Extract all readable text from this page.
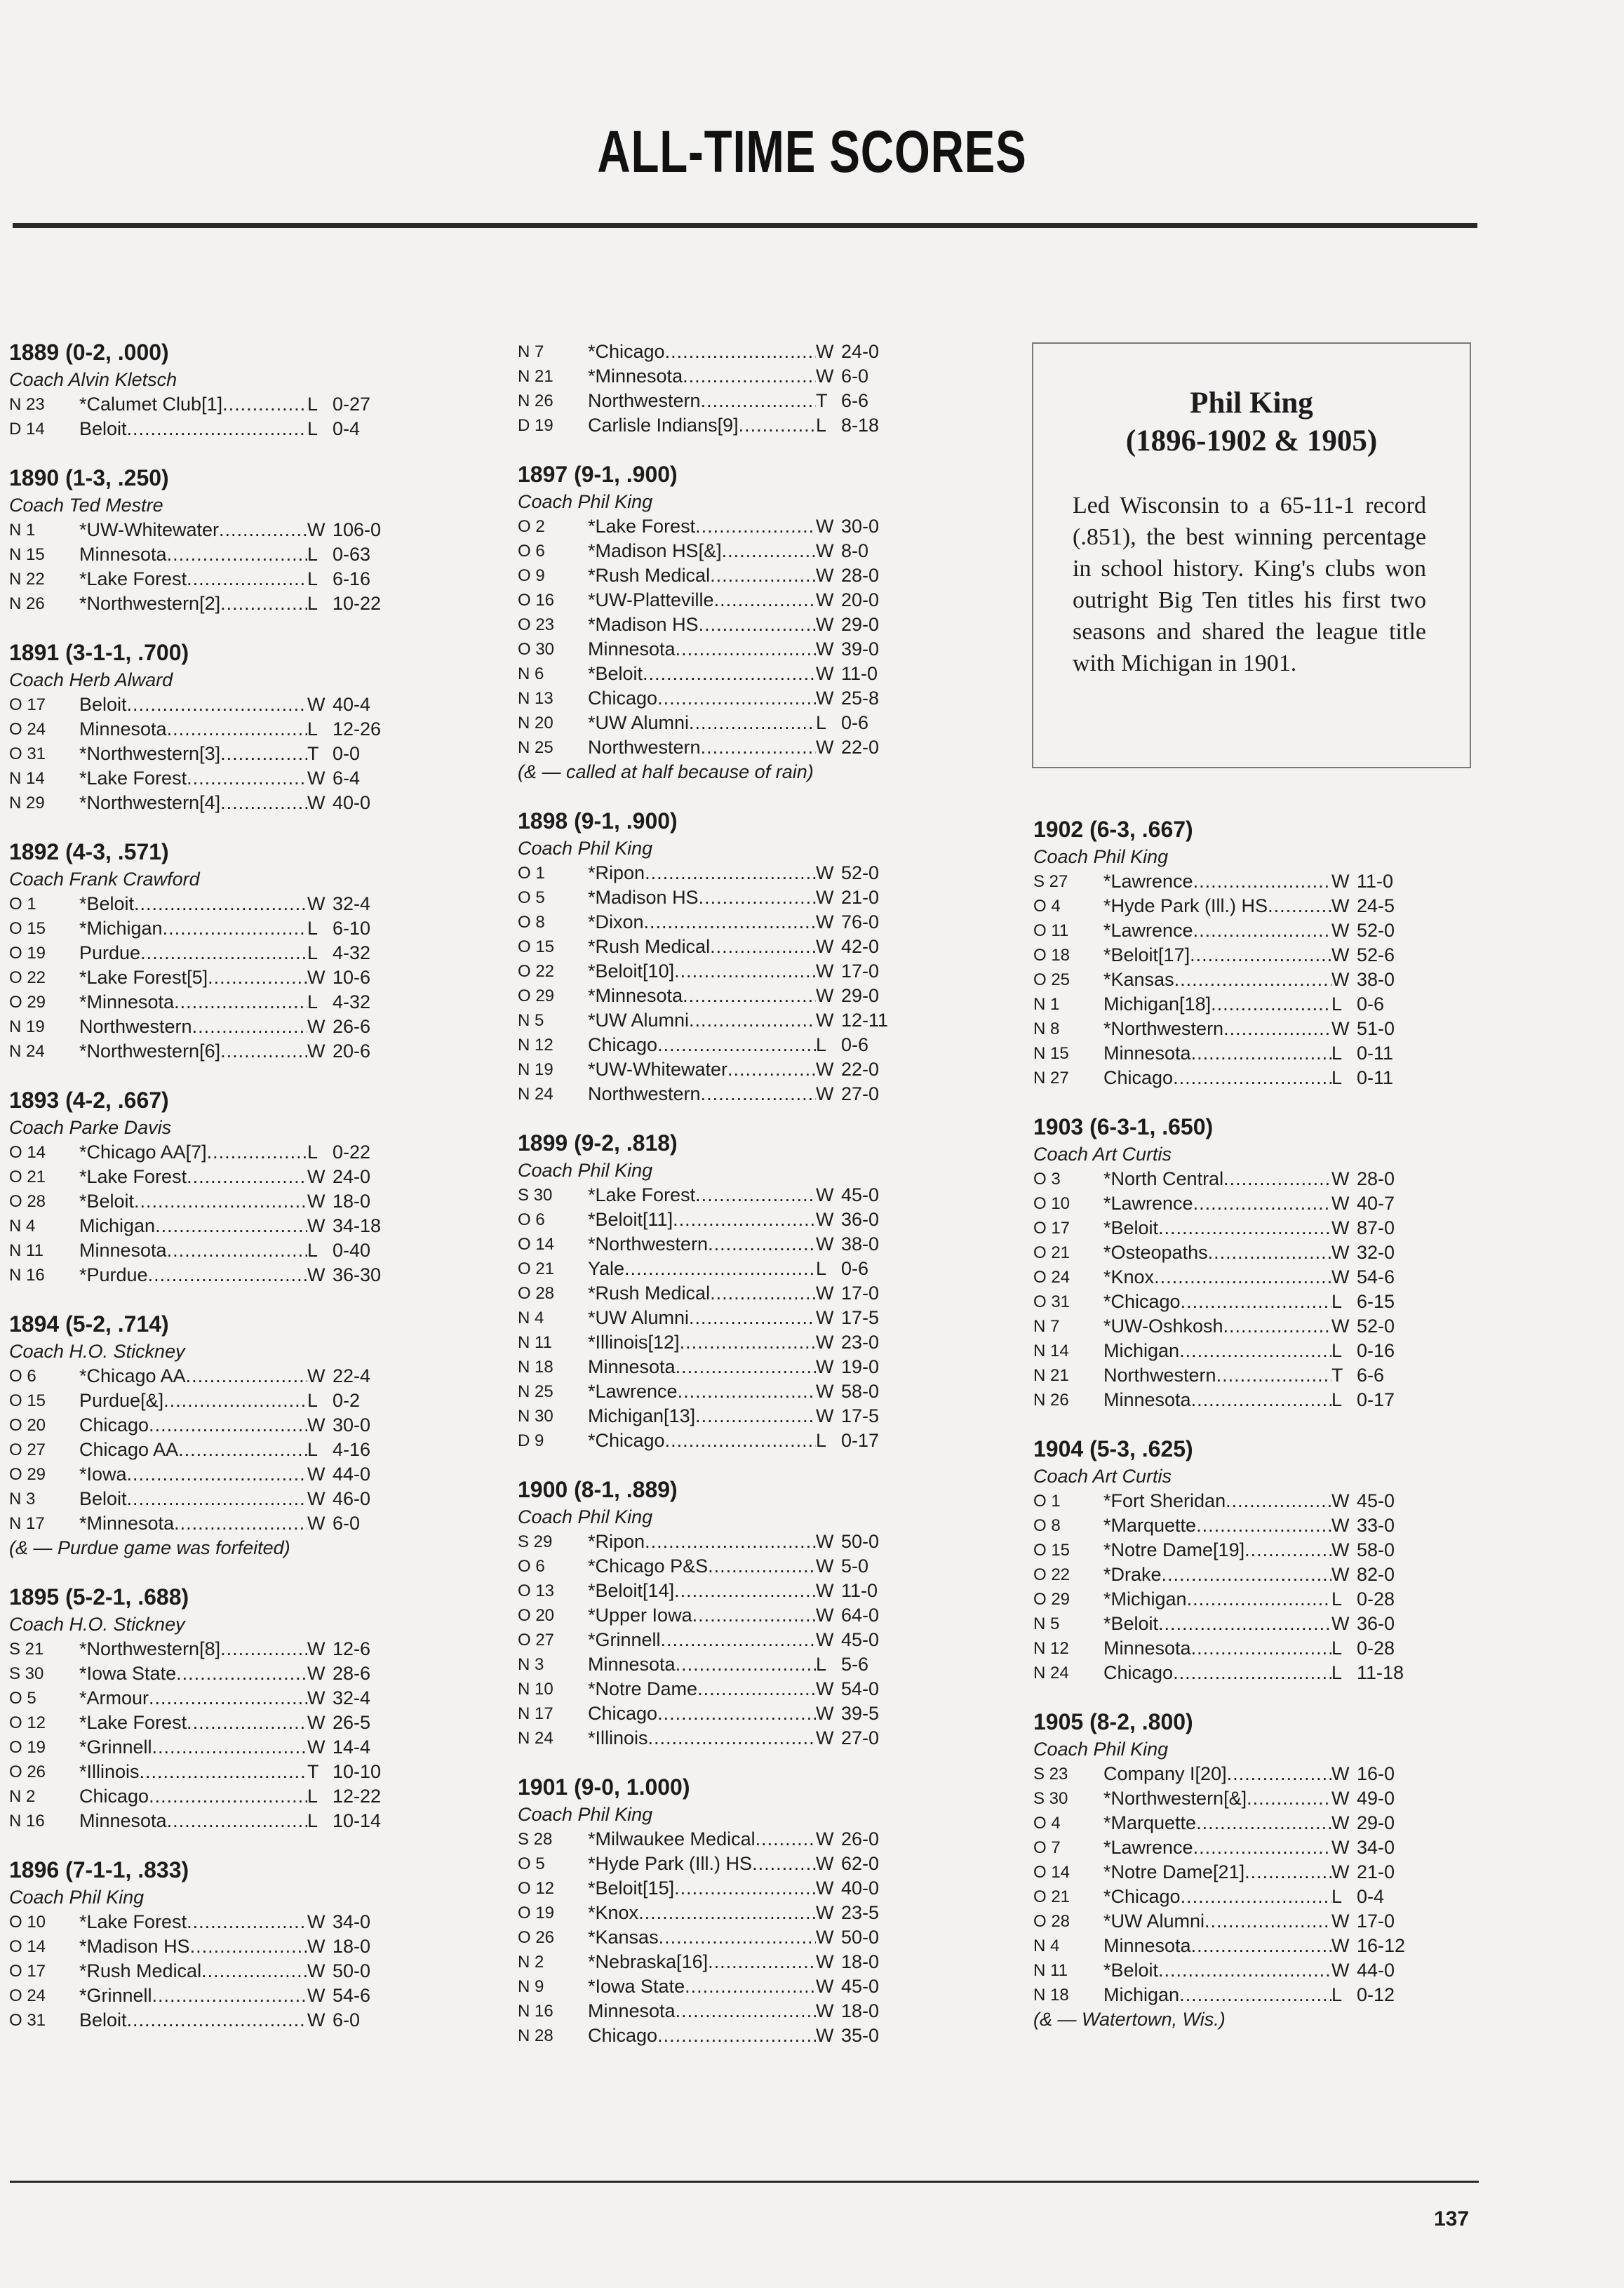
ALL-TIME SCORES
1889 (0-2, .000)
Coach Alvin Kletsch
N 23	*Calumet Club[1] .....	L 0-27
D 14	Beloit .....	L 0-4
1890 (1-3, .250)
Coach Ted Mestre
N 1	*UW-Whitewater .....	W 106-0
N 15	Minnesota .....	L 0-63
N 22	*Lake Forest .....	L 6-16
N 26	*Northwestern[2] .....	L 10-22
1891 (3-1-1, .700)
Coach Herb Alward
O 17	Beloit .....	W 40-4
O 24	Minnesota .....	L 12-26
O 31	*Northwestern[3] .....	T 0-0
N 14	*Lake Forest .....	W 6-4
N 29	*Northwestern[4] .....	W 40-0
1892 (4-3, .571)
Coach Frank Crawford
O 1	*Beloit .....	W 32-4
O 15	*Michigan .....	L 6-10
O 19	Purdue .....	L 4-32
O 22	*Lake Forest[5] .....	W 10-6
O 29	*Minnesota .....	L 4-32
N 19	Northwestern .....	W 26-6
N 24	*Northwestern[6] .....	W 20-6
1893 (4-2, .667)
Coach Parke Davis
O 14	*Chicago AA[7] .....	L 0-22
O 21	*Lake Forest .....	W 24-0
O 28	*Beloit .....	W 18-0
N 4	Michigan .....	W 34-18
N 11	Minnesota .....	L 0-40
N 16	*Purdue .....	W 36-30
1894 (5-2, .714)
Coach H.O. Stickney
O 6	*Chicago AA .....	W 22-4
O 15	Purdue[&] .....	L 0-2
O 20	Chicago .....	W 30-0
O 27	Chicago AA .....	L 4-16
O 29	*Iowa .....	W 44-0
N 3	Beloit .....	W 46-0
N 17	*Minnesota .....	W 6-0
(& — Purdue game was forfeited)
1895 (5-2-1, .688)
Coach H.O. Stickney
S 21	*Northwestern[8] .....	W 12-6
S 30	*Iowa State .....	W 28-6
O 5	*Armour .....	W 32-4
O 12	*Lake Forest .....	W 26-5
O 19	*Grinnell .....	W 14-4
O 26	*Illinois .....	T 10-10
N 2	Chicago .....	L 12-22
N 16	Minnesota .....	L 10-14
1896 (7-1-1, .833)
Coach Phil King
O 10	*Lake Forest .....	W 34-0
O 14	*Madison HS .....	W 18-0
O 17	*Rush Medical .....	W 50-0
O 24	*Grinnell .....	W 54-6
O 31	Beloit .....	W 6-0
N 7	*Chicago .....	W 24-0
N 21	*Minnesota .....	W 6-0
N 26	Northwestern .....	T 6-6
D 19	Carlisle Indians[9] .....	L 8-18
1897 (9-1, .900)
Coach Phil King
O 2	*Lake Forest .....	W 30-0
O 6	*Madison HS[&] .....	W 8-0
O 9	*Rush Medical .....	W 28-0
O 16	*UW-Platteville .....	W 20-0
O 23	*Madison HS .....	W 29-0
O 30	Minnesota .....	W 39-0
N 6	*Beloit .....	W 11-0
N 13	Chicago .....	W 25-8
N 20	*UW Alumni .....	L 0-6
N 25	Northwestern .....	W 22-0
(& — called at half because of rain)
1898 (9-1, .900)
Coach Phil King
O 1	*Ripon .....	W 52-0
O 5	*Madison HS .....	W 21-0
O 8	*Dixon .....	W 76-0
O 15	*Rush Medical .....	W 42-0
O 22	*Beloit[10] .....	W 17-0
O 29	*Minnesota .....	W 29-0
N 5	*UW Alumni .....	W 12-11
N 12	Chicago .....	L 0-6
N 19	*UW-Whitewater .....	W 22-0
N 24	Northwestern .....	W 27-0
1899 (9-2, .818)
Coach Phil King
S 30	*Lake Forest .....	W 45-0
O 6	*Beloit[11] .....	W 36-0
O 14	*Northwestern .....	W 38-0
O 21	Yale .....	L 0-6
O 28	*Rush Medical .....	W 17-0
N 4	*UW Alumni .....	W 17-5
N 11	*Illinois[12] .....	W 23-0
N 18	Minnesota .....	W 19-0
N 25	*Lawrence .....	W 58-0
N 30	Michigan[13] .....	W 17-5
D 9	*Chicago .....	L 0-17
1900 (8-1, .889)
Coach Phil King
S 29	*Ripon .....	W 50-0
O 6	*Chicago P&S .....	W 5-0
O 13	*Beloit[14] .....	W 11-0
O 20	*Upper Iowa .....	W 64-0
O 27	*Grinnell .....	W 45-0
N 3	Minnesota .....	L 5-6
N 10	*Notre Dame .....	W 54-0
N 17	Chicago .....	W 39-5
N 24	*Illinois .....	W 27-0
1901 (9-0, 1.000)
Coach Phil King
S 28	*Milwaukee Medical .....	W 26-0
O 5	*Hyde Park (Ill.) HS .....	W 62-0
O 12	*Beloit[15] .....	W 40-0
O 19	*Knox .....	W 23-5
O 26	*Kansas .....	W 50-0
N 2	*Nebraska[16] .....	W 18-0
N 9	*Iowa State .....	W 45-0
N 16	Minnesota .....	W 18-0
N 28	Chicago .....	W 35-0
1902 (6-3, .667)
Coach Phil King
S 27	*Lawrence .....	W 11-0
O 4	*Hyde Park (Ill.) HS .....	W 24-5
O 11	*Lawrence .....	W 52-0
O 18	*Beloit[17] .....	W 52-6
O 25	*Kansas .....	W 38-0
N 1	Michigan[18] .....	L 0-6
N 8	*Northwestern .....	W 51-0
N 15	Minnesota .....	L 0-11
N 27	Chicago .....	L 0-11
1903 (6-3-1, .650)
Coach Art Curtis
O 3	*North Central .....	W 28-0
O 10	*Lawrence .....	W 40-7
O 17	*Beloit .....	W 87-0
O 21	*Osteopaths .....	W 32-0
O 24	*Knox .....	W 54-6
O 31	*Chicago .....	L 6-15
N 7	*UW-Oshkosh .....	W 52-0
N 14	Michigan .....	L 0-16
N 21	Northwestern .....	T 6-6
N 26	Minnesota .....	L 0-17
1904 (5-3, .625)
Coach Art Curtis
O 1	*Fort Sheridan .....	W 45-0
O 8	*Marquette .....	W 33-0
O 15	*Notre Dame[19] .....	W 58-0
O 22	*Drake .....	W 82-0
O 29	*Michigan .....	L 0-28
N 5	*Beloit .....	W 36-0
N 12	Minnesota .....	L 0-28
N 24	Chicago .....	L 11-18
1905 (8-2, .800)
Coach Phil King
S 23	Company I[20] .....	W 16-0
S 30	*Northwestern[&] .....	W 49-0
O 4	*Marquette .....	W 29-0
O 7	*Lawrence .....	W 34-0
O 14	*Notre Dame[21] .....	W 21-0
O 21	*Chicago .....	L 0-4
O 28	*UW Alumni .....	W 17-0
N 4	Minnesota .....	W 16-12
N 11	*Beloit .....	W 44-0
N 18	Michigan .....	L 0-12
(& — Watertown, Wis.)
Phil King
(1896-1902 & 1905)
Led Wisconsin to a 65-11-1 record (.851), the best winning percentage in school history. King's clubs won outright Big Ten titles his first two seasons and shared the league title with Michigan in 1901.
137
